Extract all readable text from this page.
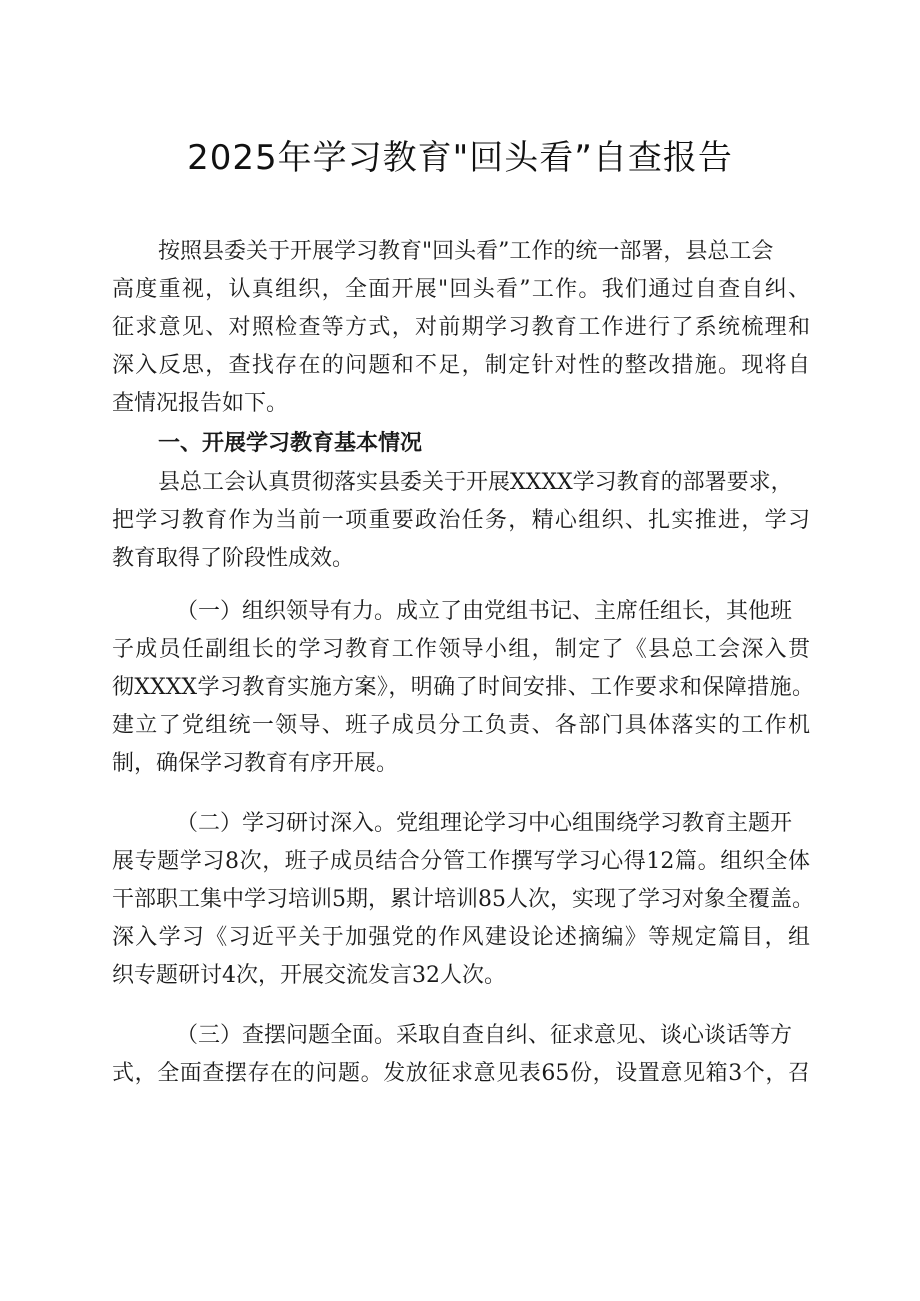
2025年学习教育"回头看”自查报告
按照县委关于开展学习教育"回头看”工作的统一部署，县总工会
高度重视，认真组织，全面开展"回头看”工作。我们通过自查自纠、
征求意见、对照检查等方式，对前期学习教育工作进行了系统梳理和
深入反思，查找存在的问题和不足，制定针对性的整改措施。现将自
查情况报告如下。
一、开展学习教育基本情况
县总工会认真贯彻落实县委关于开展XXXX学习教育的部署要求，
把学习教育作为当前一项重要政治任务，精心组织、扎实推进，学习
教育取得了阶段性成效。
（一）组织领导有力。成立了由党组书记、主席任组长，其他班
子成员任副组长的学习教育工作领导小组，制定了《县总工会深入贯
彻XXXX学习教育实施方案》，明确了时间安排、工作要求和保障措施。
建立了党组统一领导、班子成员分工负责、各部门具体落实的工作机
制，确保学习教育有序开展。
（二）学习研讨深入。党组理论学习中心组围绕学习教育主题开
展专题学习8次，班子成员结合分管工作撰写学习心得12篇。组织全体
干部职工集中学习培训5期，累计培训85人次，实现了学习对象全覆盖。
深入学习《习近平关于加强党的作风建设论述摘编》等规定篇目，组
织专题研讨4次，开展交流发言32人次。
（三）查摆问题全面。采取自查自纠、征求意见、谈心谈话等方
式，全面查摆存在的问题。发放征求意见表65份，设置意见箱3个，召
